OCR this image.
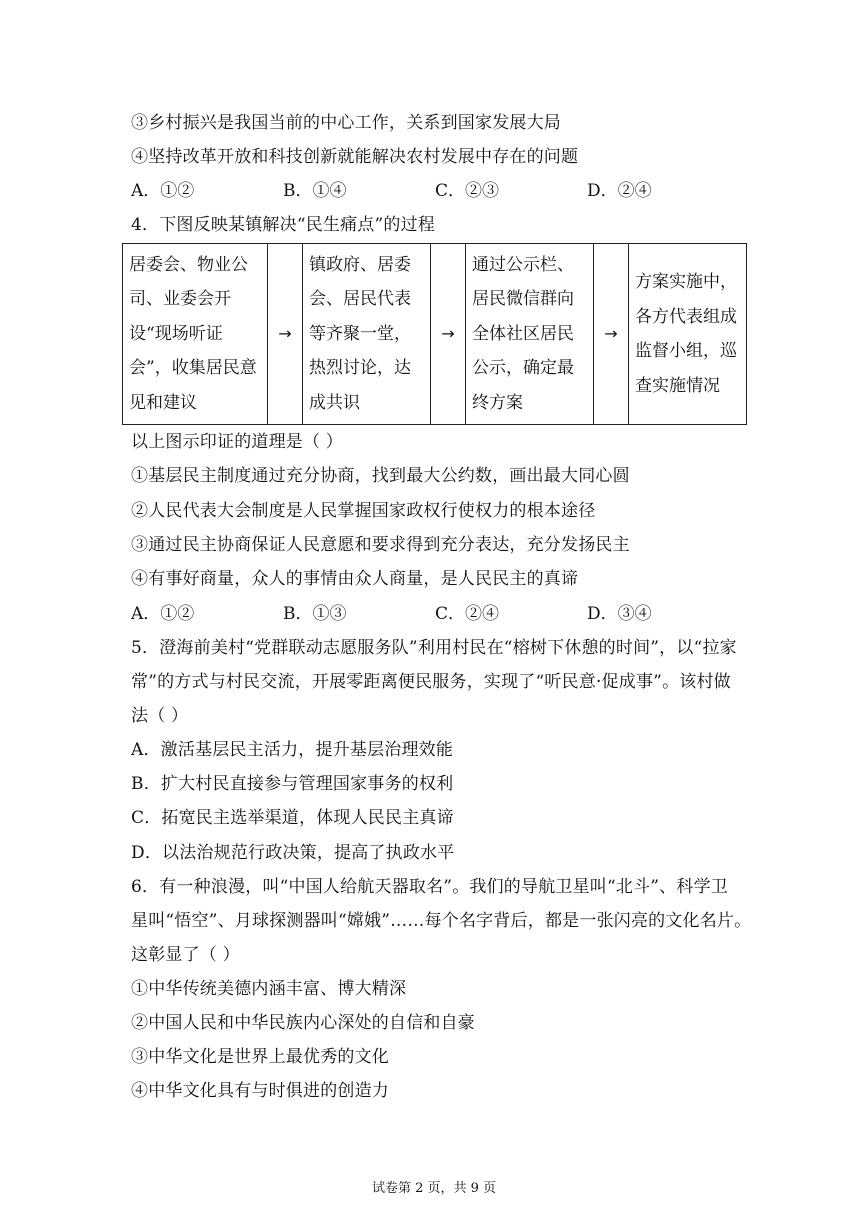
③乡村振兴是我国当前的中心工作，关系到国家发展大局
④坚持改革开放和科技创新就能解决农村发展中存在的问题
A．①②	B．①④	C．②③	D．②④
4．下图反映某镇解决“民生痛点”的过程
居委会、物业公司、业委会开设“现场听证会”，收集居民意见和建议	→	镇政府、居委会、居民代表等齐聚一堂，热烈讨论，达成共识	→	通过公示栏、居民微信群向全体社区居民公示，确定最终方案	→	方案实施中，各方代表组成监督小组，巡查实施情况
以上图示印证的道理是（ ）
①基层民主制度通过充分协商，找到最大公约数，画出最大同心圆
②人民代表大会制度是人民掌握国家政权行使权力的根本途径
③通过民主协商保证人民意愿和要求得到充分表达，充分发扬民主
④有事好商量，众人的事情由众人商量，是人民民主的真谛
A．①②	B．①③	C．②④	D．③④
5．澄海前美村“党群联动志愿服务队”利用村民在“榕树下休憩的时间”，以“拉家
常”的方式与村民交流，开展零距离便民服务，实现了“听民意·促成事”。该村做
法（ ）
A．激活基层民主活力，提升基层治理效能
B．扩大村民直接参与管理国家事务的权利
C．拓宽民主选举渠道，体现人民民主真谛
D．以法治规范行政决策，提高了执政水平
6．有一种浪漫，叫“中国人给航天器取名”。我们的导航卫星叫“北斗”、科学卫
星叫“悟空”、月球探测器叫“嫦娥”……每个名字背后，都是一张闪亮的文化名片。
这彰显了（ ）
①中华传统美德内涵丰富、博大精深
②中国人民和中华民族内心深处的自信和自豪
③中华文化是世界上最优秀的文化
④中华文化具有与时俱进的创造力
试卷第 2 页，共 9 页
